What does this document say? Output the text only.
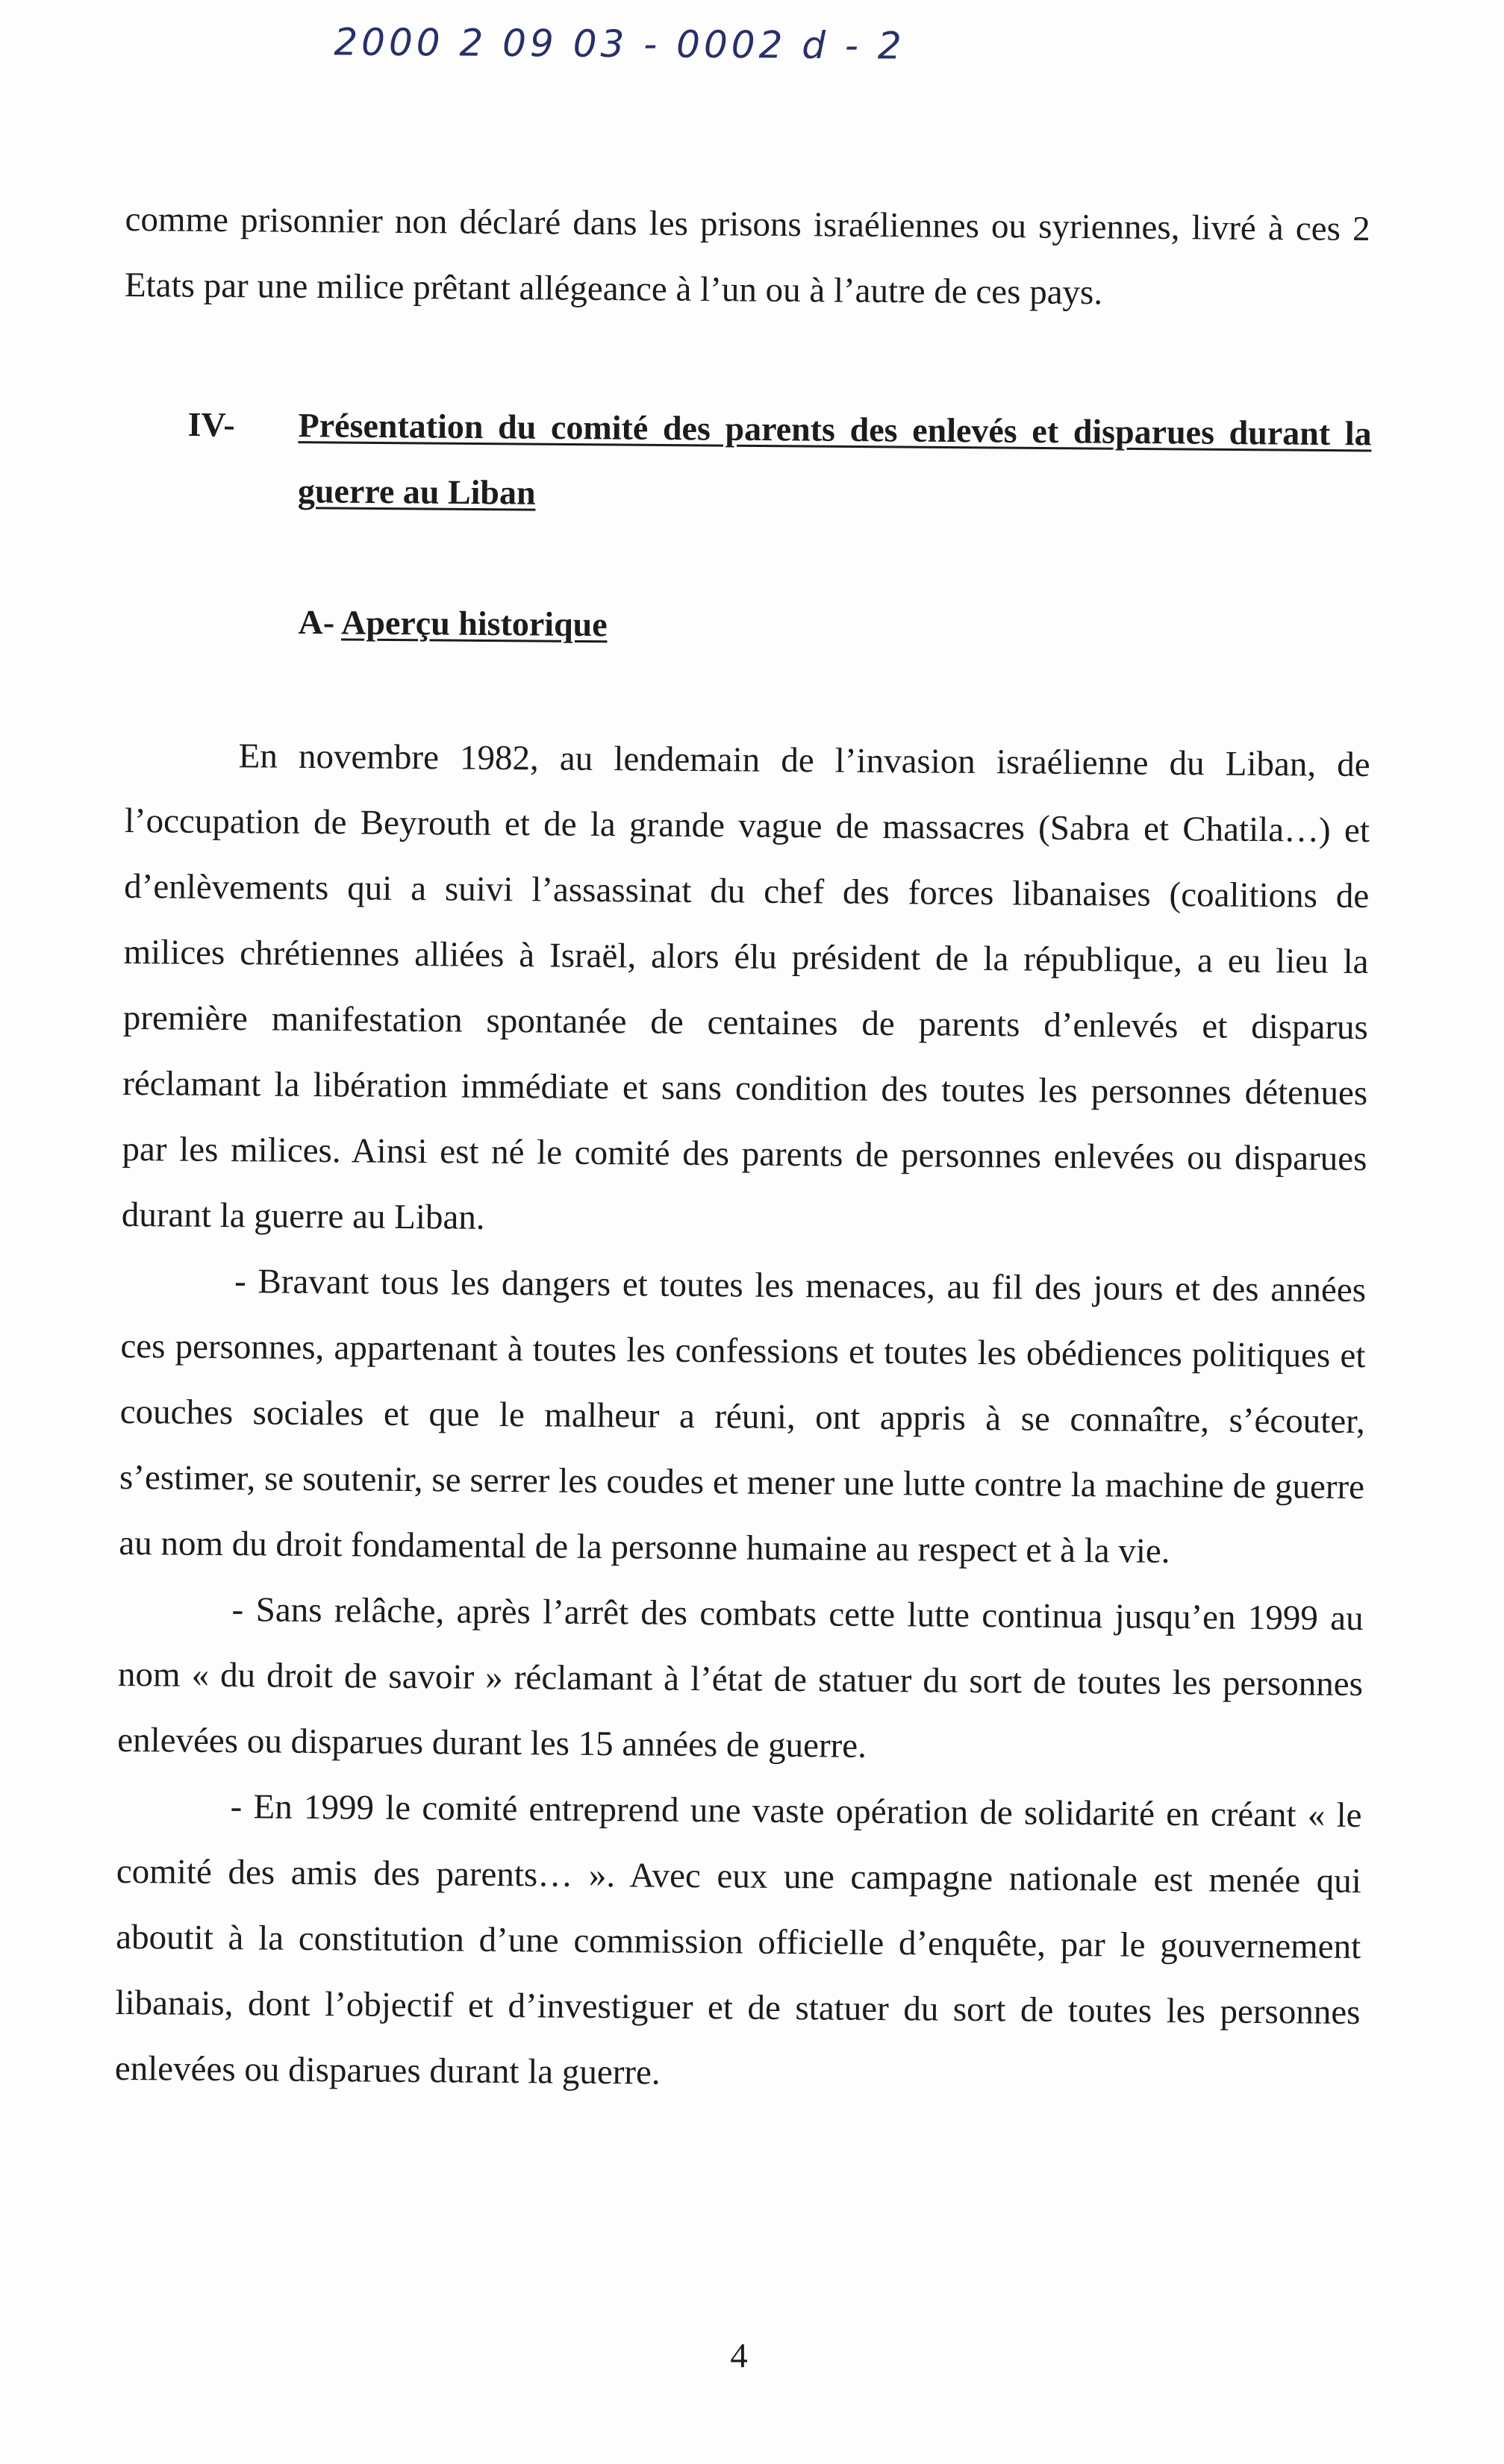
2000 2 09 03 - 0002 d - 2
comme prisonnier non déclaré dans les prisons israéliennes ou syriennes, livré à ces 2 Etats par une milice prêtant allégeance à l’un ou à l’autre de ces pays.
IV- Présentation du comité des parents des enlevés et disparues durant la guerre au Liban
A- Aperçu historique

En novembre 1982, au lendemain de l’invasion israélienne du Liban, de l’occupation de Beyrouth et de la grande vague de massacres (Sabra et Chatila…) et d’enlèvements qui a suivi l’assassinat du chef des forces libanaises (coalitions de milices chrétiennes alliées à Israël, alors élu président de la république, a eu lieu la première manifestation spontanée de centaines de parents d’enlevés et disparus réclamant la libération immédiate et sans condition des toutes les personnes détenues par les milices. Ainsi est né le comité des parents de personnes enlevées ou disparues durant la guerre au Liban.

- Bravant tous les dangers et toutes les menaces, au fil des jours et des années ces personnes, appartenant à toutes les confessions et toutes les obédiences politiques et couches sociales et que le malheur a réuni, ont appris à se connaître, s’écouter, s’estimer, se soutenir, se serrer les coudes et mener une lutte contre la machine de guerre au nom du droit fondamental de la personne humaine au respect et à la vie.

- Sans relâche, après l’arrêt des combats cette lutte continua jusqu’en 1999 au nom « du droit de savoir » réclamant à l’état de statuer du sort de toutes les personnes enlevées ou disparues durant les 15 années de guerre.

- En 1999 le comité entreprend une vaste opération de solidarité en créant « le comité des amis des parents… ». Avec eux une campagne nationale est menée qui aboutit à la constitution d’une commission officielle d’enquête, par le gouvernement libanais, dont l’objectif et d’investiguer et de statuer du sort de toutes les personnes enlevées ou disparues durant la guerre.

4
